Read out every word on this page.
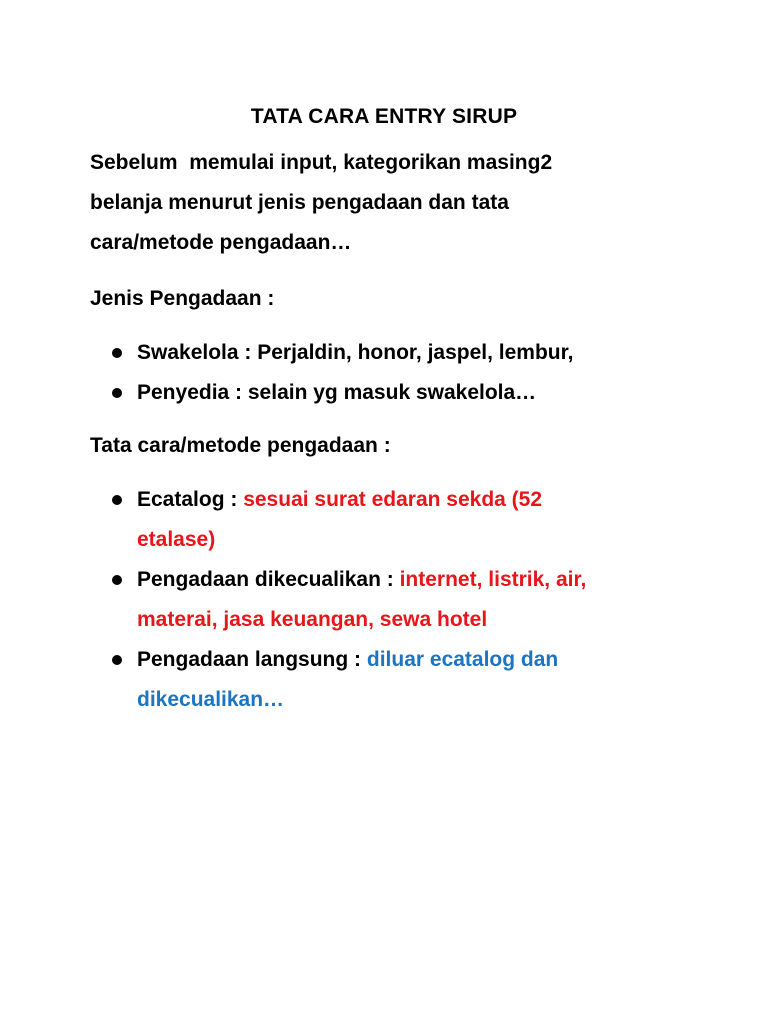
TATA CARA ENTRY SIRUP
Sebelum  memulai input, kategorikan masing2
belanja menurut jenis pengadaan dan tata
cara/metode pengadaan…
Jenis Pengadaan :
Swakelola : Perjaldin, honor, jaspel, lembur,
Penyedia : selain yg masuk swakelola…
Tata cara/metode pengadaan :
Ecatalog : sesuai surat edaran sekda (52
etalase)
Pengadaan dikecualikan : internet, listrik, air,
materai, jasa keuangan, sewa hotel
Pengadaan langsung : diluar ecatalog dan
dikecualikan…
